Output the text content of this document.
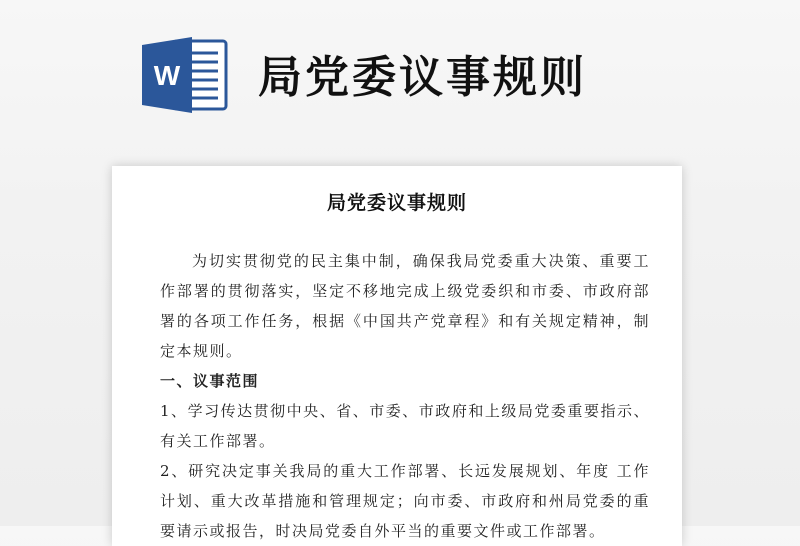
W 局党委议事规则
局党委议事规则

为切实贯彻党的民主集中制，确保我局党委重大决策、重要工作部署的贯彻落实，坚定不移地完成上级党委织和市委、市政府部署的各项工作任务，根据《中国共产党章程》和有关规定精神，制定本规则。

一、议事范围

1、学习传达贯彻中央、省、市委、市政府和上级局党委重要指示、有关工作部署。

2、研究决定事关我局的重大工作部署、长远发展规划、年度 工作计划、重大改革措施和管理规定；向市委、市政府和州局党委的重要请示或报告，时决局党委自外平当的重要文件或工作部署。
